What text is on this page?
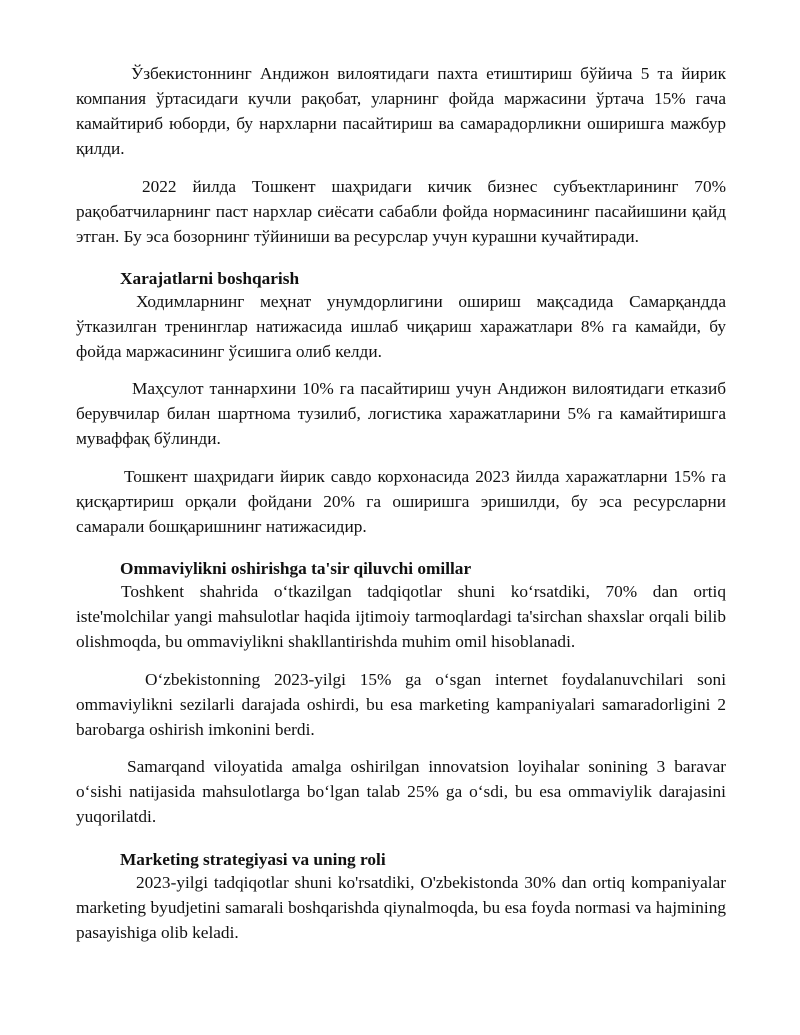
Ўзбекистоннинг Андижон вилоятидаги пахта етиштириш бўйича 5 та йирик компания ўртасидаги кучли рақобат, уларнинг фойда маржасини ўртача 15% гача камайтириб юборди, бу нархларни пасайтириш ва самарадорликни оширишга мажбур қилди.

2022 йилда Тошкент шаҳридаги кичик бизнес субъектларининг 70% рақобатчиларнинг паст нархлар сиёсати сабабли фойда нормасининг пасайишини қайд этган. Бу эса бозорнинг тўйиниши ва ресурслар учун курашни кучайтиради.

Xarajatlarni boshqarish

Ходимларнинг меҳнат унумдорлигини ошириш мақсадида Самарқандда ўтказилган тренинглар натижасида ишлаб чиқариш харажатлари 8% га камайди, бу фойда маржасининг ўсишига олиб келди.

Маҳсулот таннархини 10% га пасайтириш учун Андижон вилоятидаги етказиб берувчилар билан шартнома тузилиб, логистика харажатларини 5% га камайтиришга муваффақ бўлинди.

Тошкент шаҳридаги йирик савдо корхонасида 2023 йилда харажатларни 15% га қисқартириш орқали фойдани 20% га оширишга эришилди, бу эса ресурсларни самарали бошқаришнинг натижасидир.

Ommaviylikni oshirishga ta'sir qiluvchi omillar

Toshkent shahrida oʻtkazilgan tadqiqotlar shuni koʻrsatdiki, 70% dan ortiq iste'molchilar yangi mahsulotlar haqida ijtimoiy tarmoqlardagi ta'sirchan shaxslar orqali bilib olishmoqda, bu ommaviylikni shakllantirishda muhim omil hisoblanadi.

Oʻzbekistonning 2023-yilgi 15% ga oʻsgan internet foydalanuvchilari soni ommaviylikni sezilarli darajada oshirdi, bu esa marketing kampaniyalari samaradorligini 2 barobarga oshirish imkonini berdi.

Samarqand viloyatida amalga oshirilgan innovatsion loyihalar sonining 3 baravar oʻsishi natijasida mahsulotlarga boʻlgan talab 25% ga oʻsdi, bu esa ommaviylik darajasini yuqorilatdi.

Marketing strategiyasi va uning roli

2023-yilgi tadqiqotlar shuni ko'rsatdiki, O'zbekistonda 30% dan ortiq kompaniyalar marketing byudjetini samarali boshqarishda qiynalmoqda, bu esa foyda normasi va hajmining pasayishiga olib keladi.
